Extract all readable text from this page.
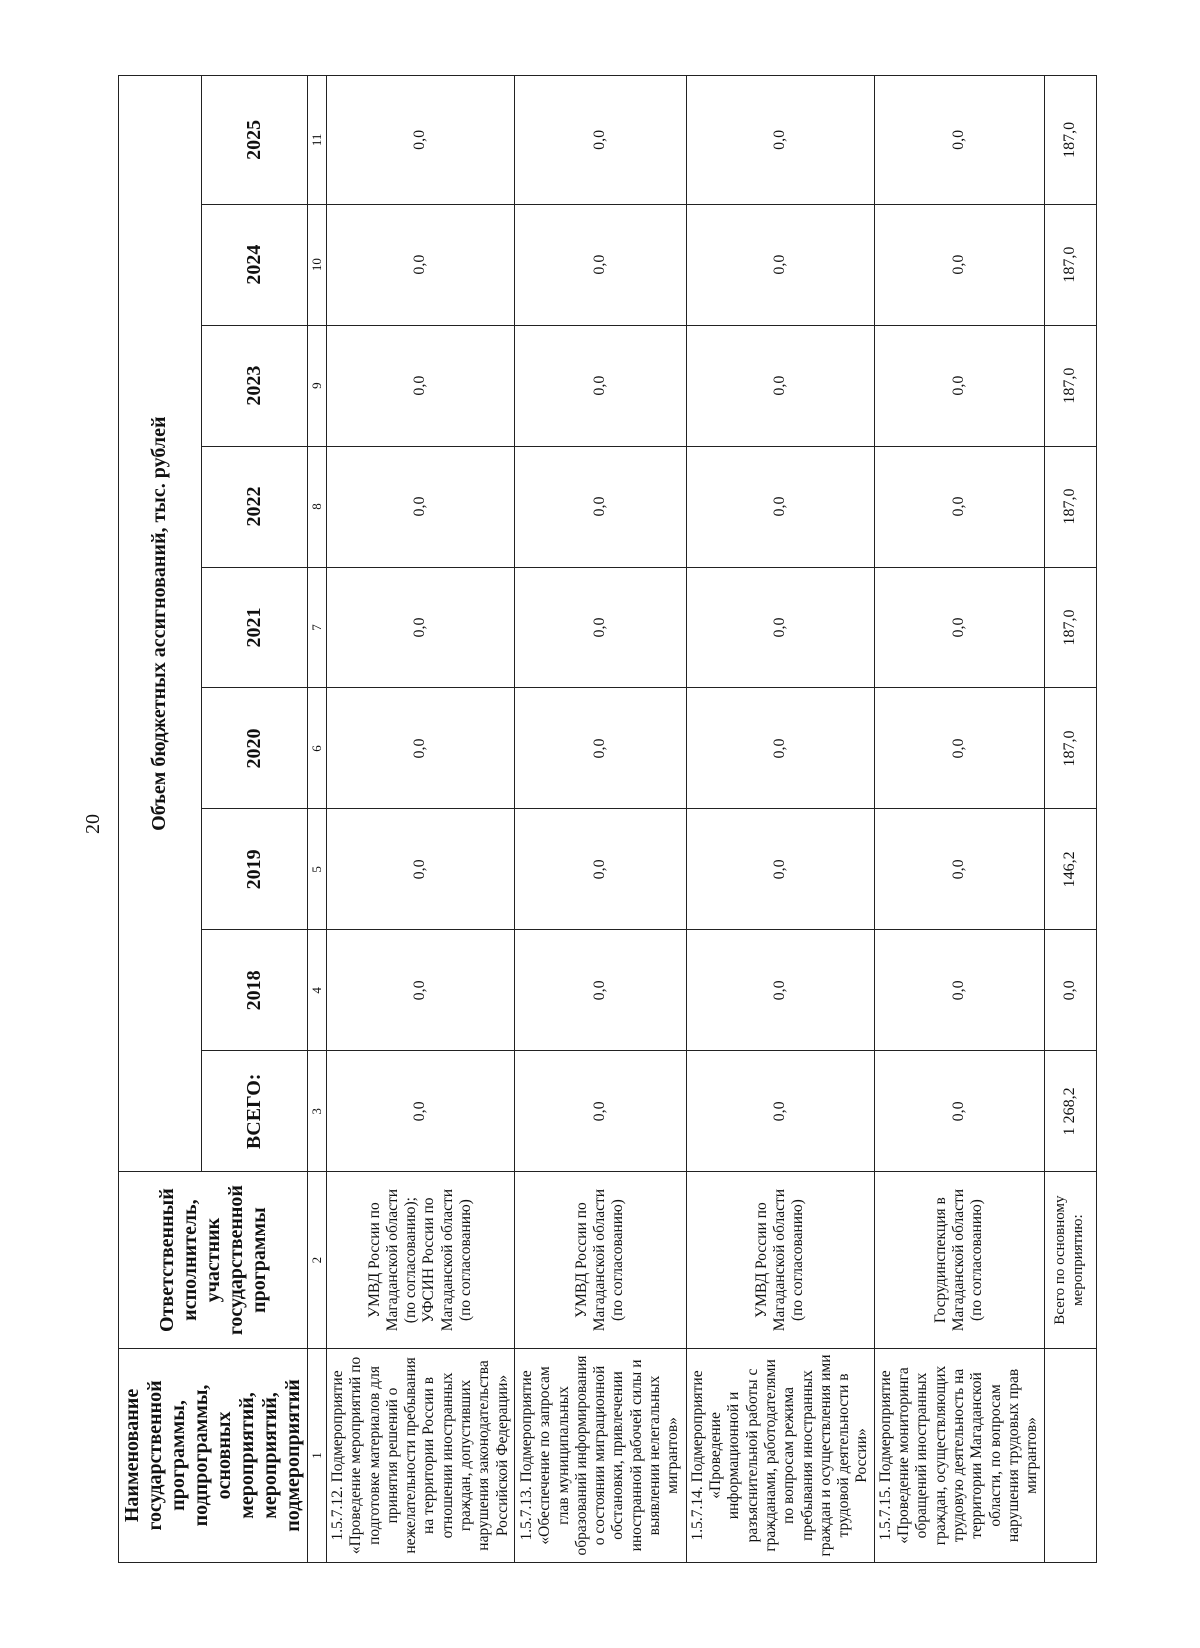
20
Наименование государственной программы, подпрограммы, основных мероприятий, мероприятий, подмероприятий	Ответственный исполнитель, участник государственной программы	Объем бюджетных ассигнований, тыс. рублей								
		ВСЕГО:	2018	2019	2020	2021	2022	2023	2024	2025
1	2	3	4	5	6	7	8	9	10	11
1.5.7.12. Подмероприятие «Проведение мероприятий по подготовке материалов для принятия решений о нежелательности пребывания на территории России в отношении иностранных граждан, допустивших нарушения законодательства Российской Федерации»	УМВД России по Магаданской области (по согласованию); УФСИН России по Магаданской области (по согласованию)	0,0	0,0	0,0	0,0	0,0	0,0	0,0	0,0	0,0
1.5.7.13. Подмероприятие «Обеспечение по запросам глав муниципальных образований информирования о состоянии миграционной обстановки, привлечении иностранной рабочей силы и выявлении нелегальных мигрантов»	УМВД России по Магаданской области (по согласованию)	0,0	0,0	0,0	0,0	0,0	0,0	0,0	0,0	0,0
1.5.7.14. Подмероприятие «Проведение информационной и разъяснительной работы с гражданами, работодателями по вопросам режима пребывания иностранных граждан и осуществления ими трудовой деятельности в России»	УМВД России по Магаданской области (по согласованию)	0,0	0,0	0,0	0,0	0,0	0,0	0,0	0,0	0,0
1.5.7.15. Подмероприятие «Проведение мониторинга обращений иностранных граждан, осуществляющих трудовую деятельность на территории Магаданской области, по вопросам нарушения трудовых прав мигрантов»	Госрудинспекция в Магаданской области (по согласованию)	0,0	0,0	0,0	0,0	0,0	0,0	0,0	0,0	0,0
	Всего по основному мероприятию:	1 268,2	0,0	146,2	187,0	187,0	187,0	187,0	187,0	187,0
